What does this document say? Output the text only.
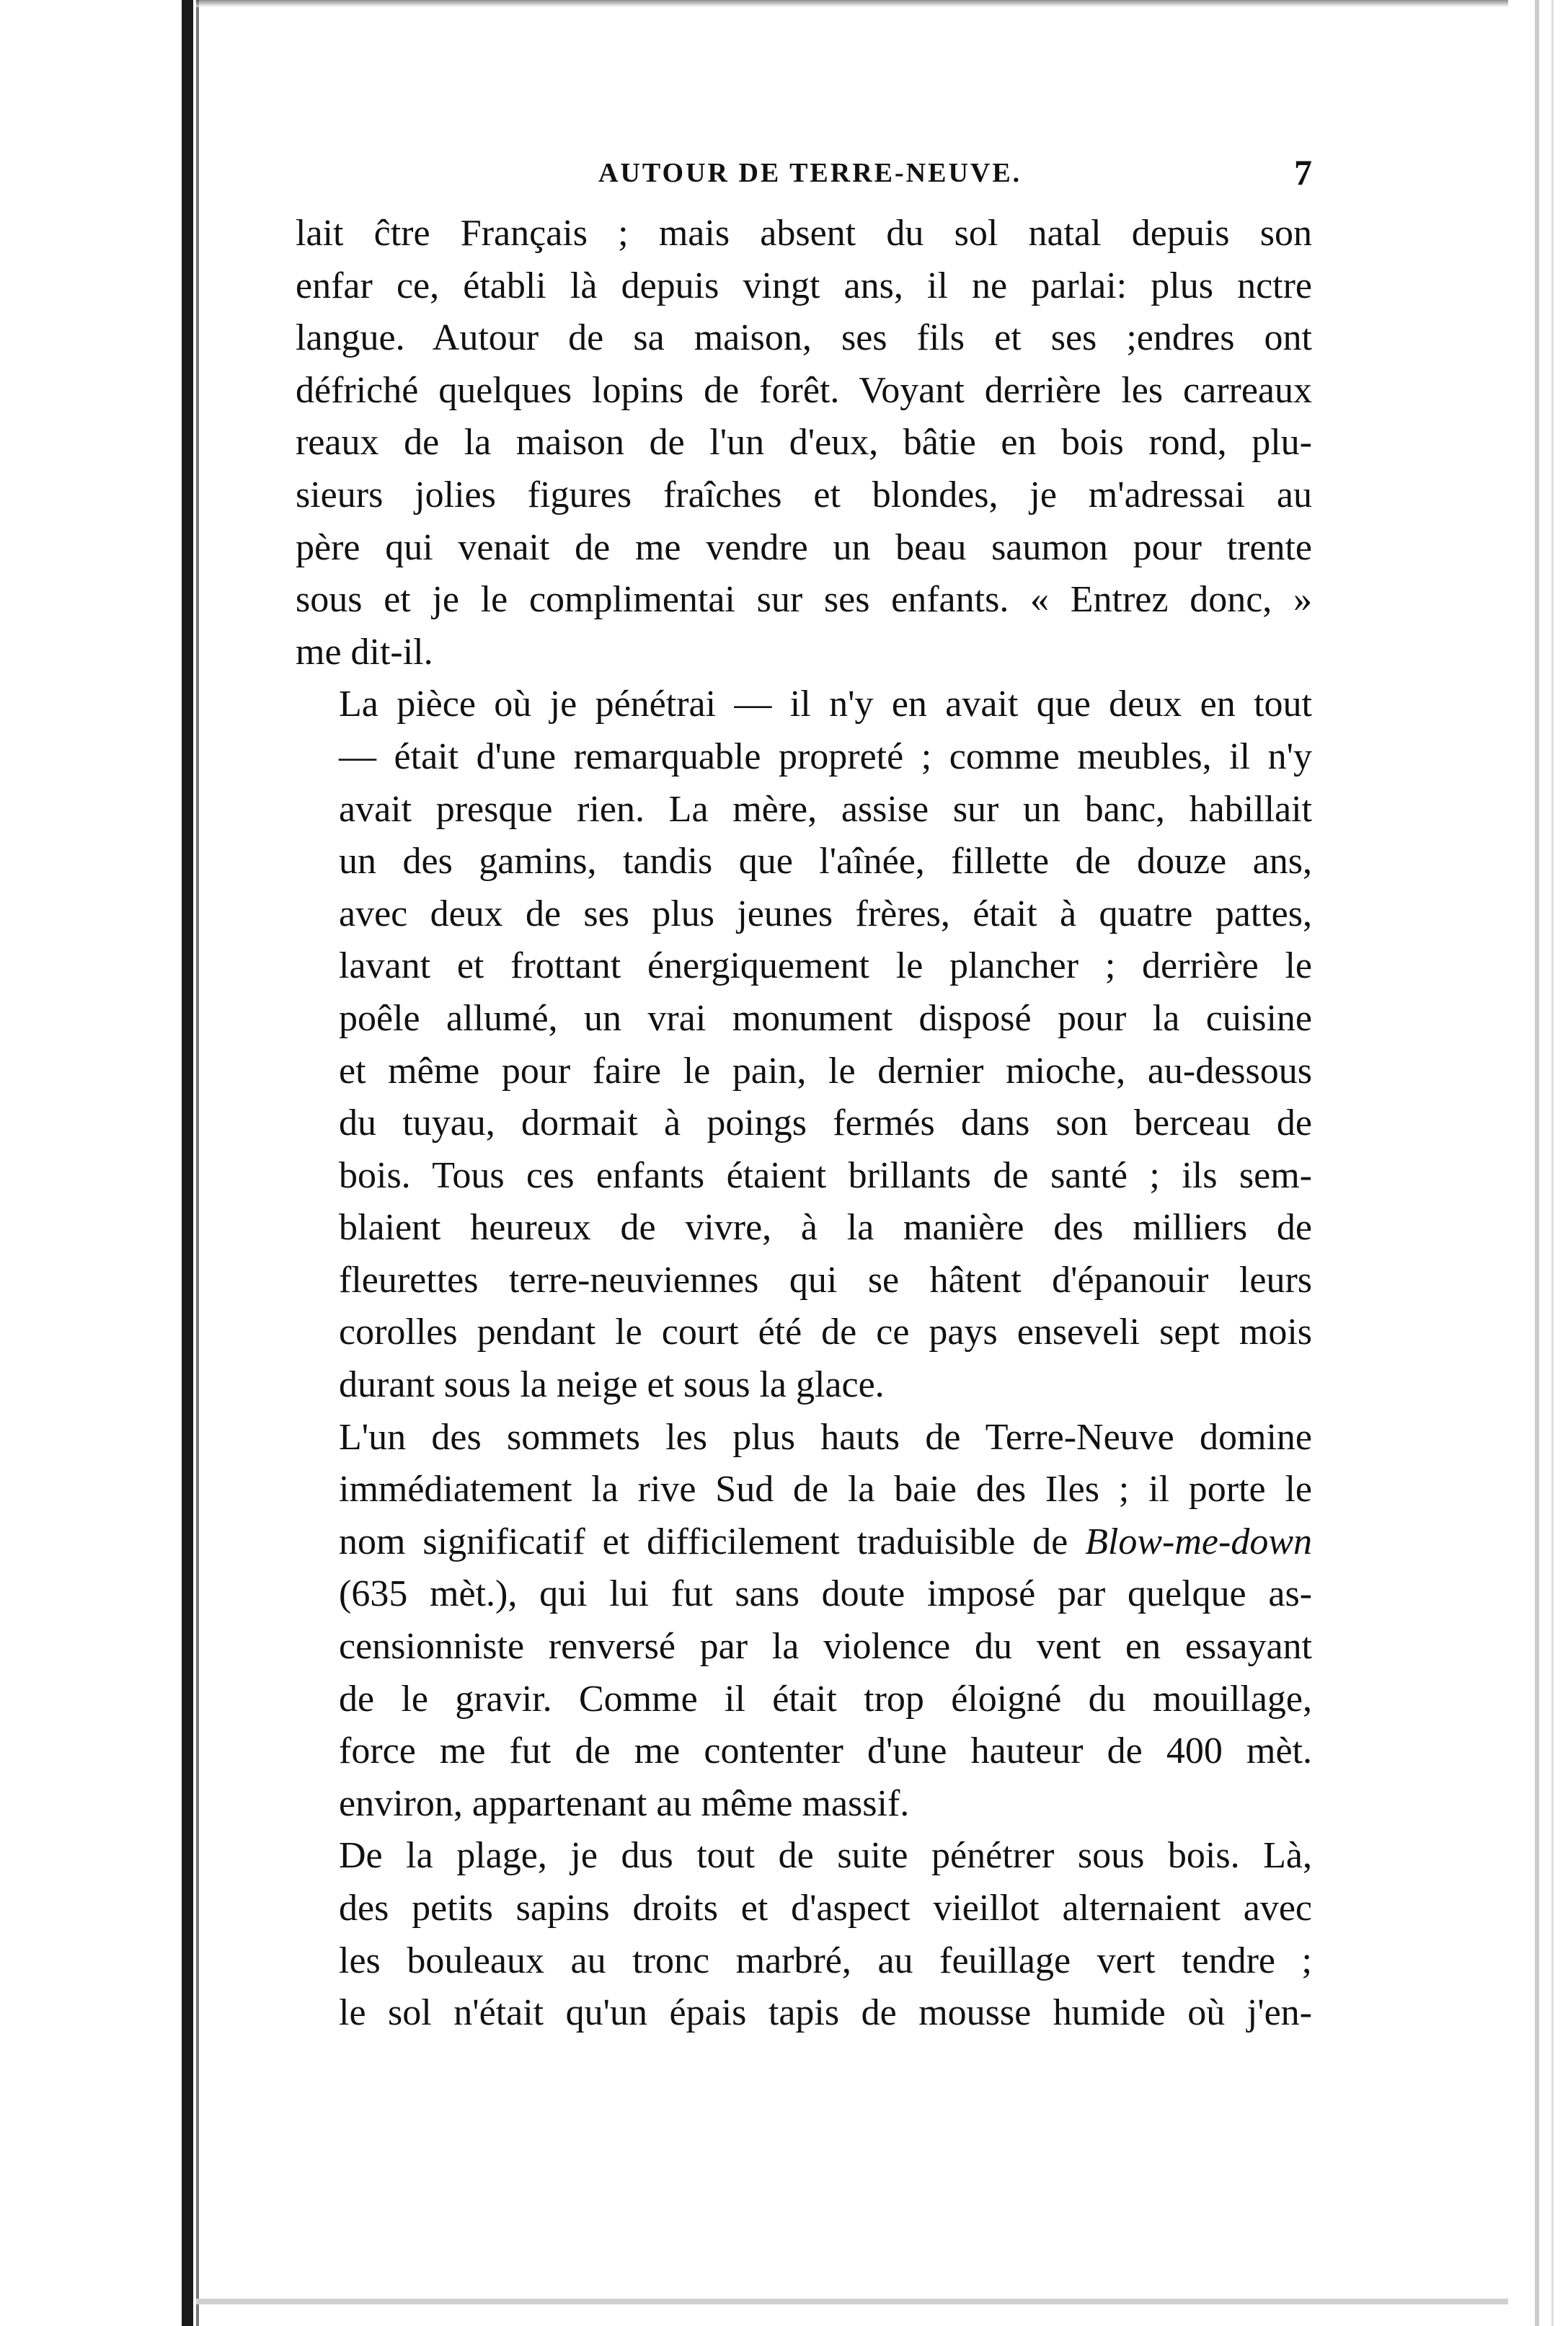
AUTOUR DE TERRE-NEUVE.	7

lait ĉtre Français ; mais absent du sol natal depuis son
enfar ce, établi là depuis vingt ans, il ne parlai: plus nctre
langue. Autour de sa maison, ses fils et ses ;endres ont
défriché quelques lopins de forêt. Voyant derrière les carreaux
reaux de la maison de l'un d'eux, bâtie en bois rond, plu-
sieurs jolies figures fraîches et blondes, je m'adressai au
père qui venait de me vendre un beau saumon pour trente
sous et je le complimentai sur ses enfants. « Entrez donc, »
me dit-il.

La pièce où je pénétrai — il n'y en avait que deux en tout
— était d'une remarquable propreté ; comme meubles, il n'y
avait presque rien. La mère, assise sur un banc, habillait
un des gamins, tandis que l'aînée, fillette de douze ans,
avec deux de ses plus jeunes frères, était à quatre pattes,
lavant et frottant énergiquement le plancher ; derrière le
poêle allumé, un vrai monument disposé pour la cuisine
et même pour faire le pain, le dernier mioche, au-dessous
du tuyau, dormait à poings fermés dans son berceau de
bois. Tous ces enfants étaient brillants de santé ; ils sem-
blaient heureux de vivre, à la manière des milliers de
fleurettes terre-neuviennes qui se hâtent d'épanouir leurs
corolles pendant le court été de ce pays enseveli sept mois
durant sous la neige et sous la glace.

L'un des sommets les plus hauts de Terre-Neuve domine
immédiatement la rive Sud de la baie des Iles ; il porte le
nom significatif et difficilement traduisible de Blow-me-down
(635 mèt.), qui lui fut sans doute imposé par quelque as-
censionniste renversé par la violence du vent en essayant
de le gravir. Comme il était trop éloigné du mouillage,
force me fut de me contenter d'une hauteur de 400 mèt.
environ, appartenant au même massif.

De la plage, je dus tout de suite pénétrer sous bois. Là,
des petits sapins droits et d'aspect vieillot alternaient avec
les bouleaux au tronc marbré, au feuillage vert tendre ;
le sol n'était qu'un épais tapis de mousse humide où j'en-
